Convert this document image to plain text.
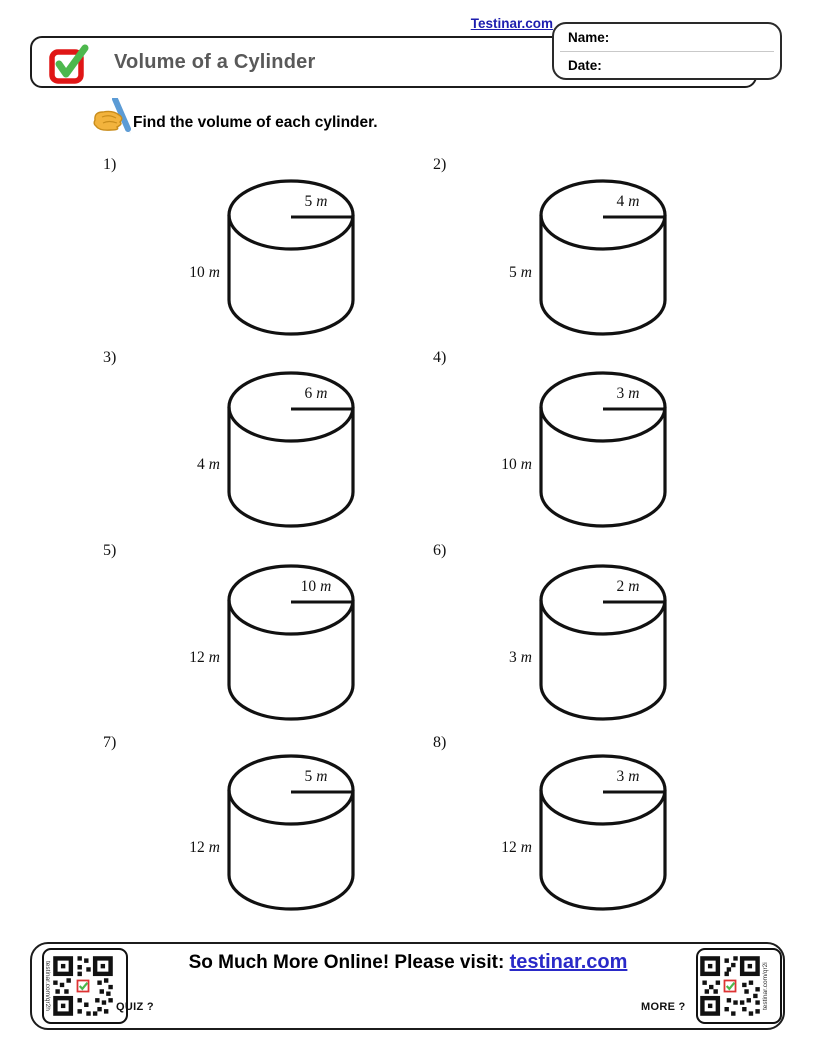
Testinar.com
Volume of a Cylinder
Name:
Date:
Find the volume of each cylinder.
1)	2)
3)	4)
5)	6)
7)	8)
5 m
10 m
4 m
5 m
6 m
4 m
3 m
10 m
10 m
12 m
2 m
3 m
5 m
12 m
3 m
12 m
testinar.com/qr2h	QUIZ ?
So Much More Online! Please visit: testinar.com
MORE ?	testinar.com/qr2i
